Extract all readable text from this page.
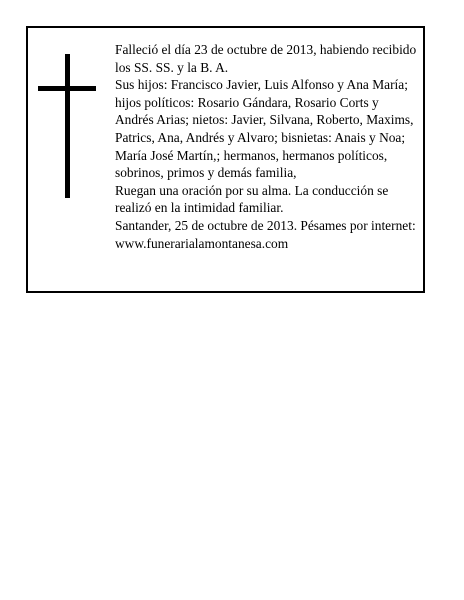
Falleció el día 23 de octubre de 2013, habiendo recibido
los SS. SS. y la B. A.
Sus hijos: Francisco Javier, Luis Alfonso y Ana María;
hijos políticos: Rosario Gándara, Rosario Corts y
Andrés Arias; nietos: Javier, Silvana, Roberto, Maxims,
Patrics, Ana, Andrés y Alvaro; bisnietas: Anais y Noa;
María José Martín,; hermanos, hermanos políticos,
sobrinos, primos y demás familia,
Ruegan una oración por su alma. La conducción se
realizó en la intimidad familiar.
Santander, 25 de octubre de 2013. Pésames por internet:
www.funerarialamontanesa.com
